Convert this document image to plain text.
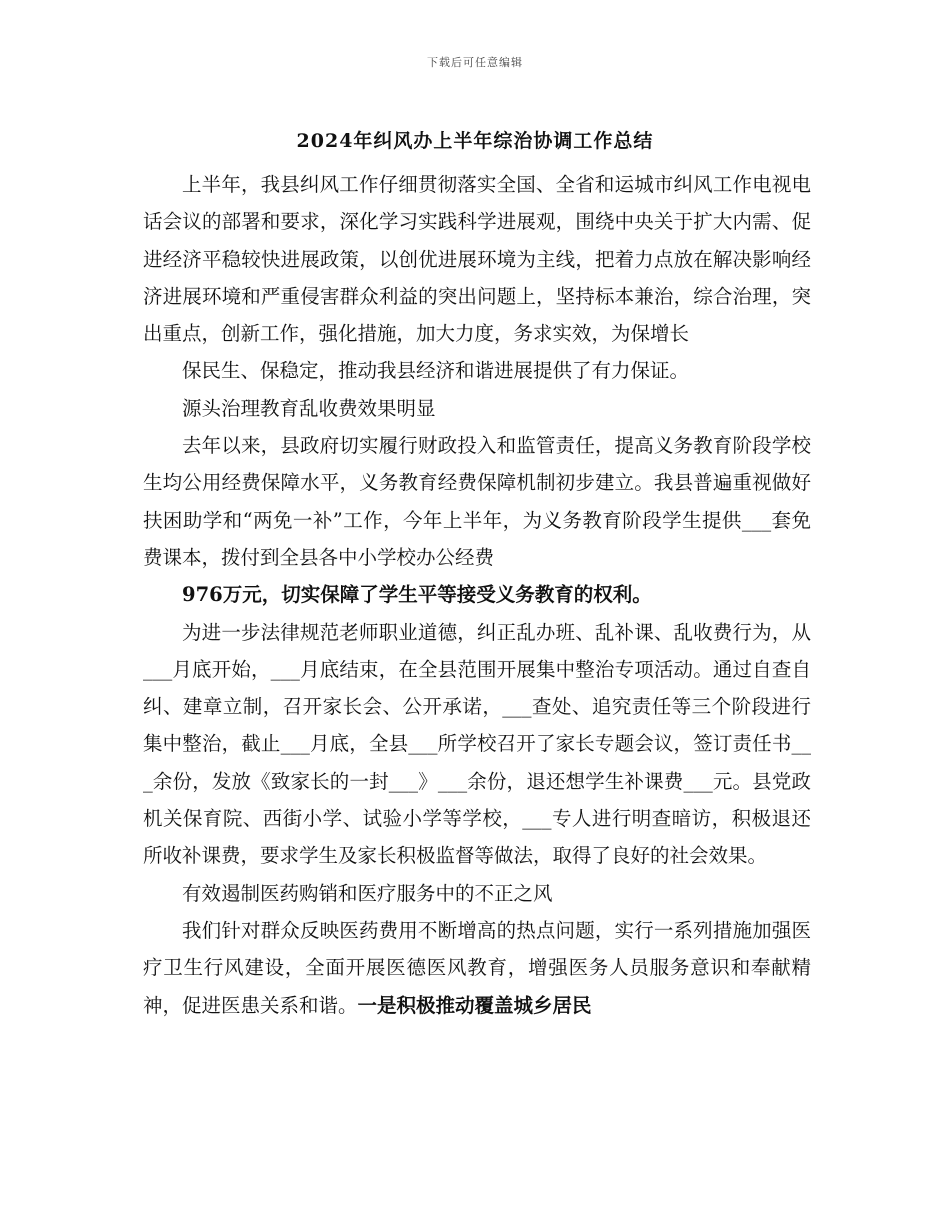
下载后可任意编辑
2024年纠风办上半年综治协调工作总结

上半年，我县纠风工作仔细贯彻落实全国、全省和运城市纠风工作电视电话会议的部署和要求，深化学习实践科学进展观，围绕中央关于扩大内需、促进经济平稳较快进展政策，以创优进展环境为主线，把着力点放在解决影响经济进展环境和严重侵害群众利益的突出问题上，坚持标本兼治，综合治理，突出重点，创新工作，强化措施，加大力度，务求实效，为保增长

保民生、保稳定，推动我县经济和谐进展提供了有力保证。

源头治理教育乱收费效果明显

去年以来，县政府切实履行财政投入和监管责任，提高义务教育阶段学校生均公用经费保障水平，义务教育经费保障机制初步建立。我县普遍重视做好扶困助学和“两免一补”工作，今年上半年，为义务教育阶段学生提供___套免费课本，拨付到全县各中小学校办公经费

976万元，切实保障了学生平等接受义务教育的权利。

为进一步法律规范老师职业道德，纠正乱办班、乱补课、乱收费行为，从___月底开始，___月底结束，在全县范围开展集中整治专项活动。通过自查自纠、建章立制，召开家长会、公开承诺，___查处、追究责任等三个阶段进行集中整治，截止___月底，全县___所学校召开了家长专题会议，签订责任书___余份，发放《致家长的一封___》___余份，退还想学生补课费___元。县党政机关保育院、西街小学、试验小学等学校，___专人进行明查暗访，积极退还所收补课费，要求学生及家长积极监督等做法，取得了良好的社会效果。

有效遏制医药购销和医疗服务中的不正之风

我们针对群众反映医药费用不断增高的热点问题，实行一系列措施加强医疗卫生行风建设，全面开展医德医风教育，增强医务人员服务意识和奉献精神，促进医患关系和谐。一是积极推动覆盖城乡居民
